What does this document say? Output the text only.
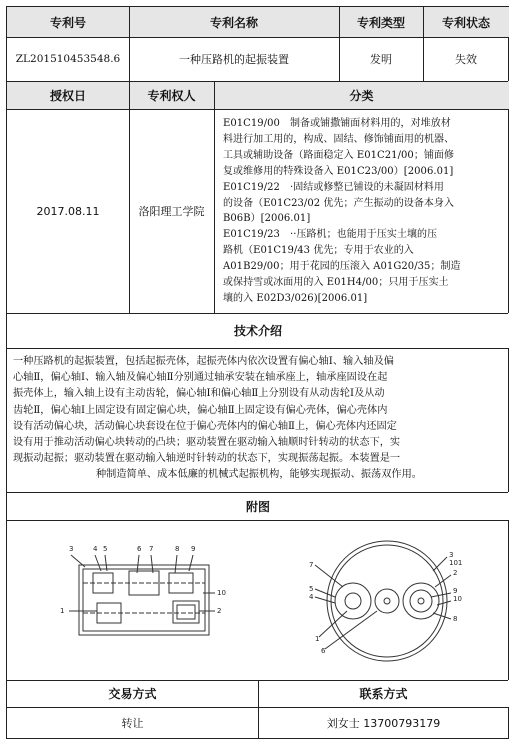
专利号	专利名称	专利类型	专利状态
ZL201510453548.6	一种压路机的起振装置	发明	失效
授权日	专利权人	分类
2017.08.11	洛阳理工学院
E01C19/00　制备或铺撒铺面材料用的，对堆放材
料进行加工用的，构成、固结、修饰铺面用的机器、
工具或辅助设备（路面稳定入 E01C21/00；铺面修
复或维修用的特殊设备入 E01C23/00）[2006.01]
E01C19/22　·固结或修整已铺设的未凝固材料用
的设备（E01C23/02 优先；产生振动的设备本身入
B06B）[2006.01]
E01C19/23　··压路机；也能用于压实土壤的压
路机（E01C19/43 优先；专用于农业的入
A01B29/00；用于花园的压滚入 A01G20/35；制造
或保持雪或冰面用的入 E01H4/00；只用于压实土
壤的入 E02D3/026)[2006.01]
技术介绍
一种压路机的起振装置，包括起振壳体，起振壳体内依次设置有偏心轴Ⅰ、输入轴及偏
心轴Ⅱ，偏心轴Ⅰ、输入轴及偏心轴Ⅱ分别通过轴承安装在轴承座上，轴承座固设在起
振壳体上，输入轴上设有主动齿轮，偏心轴Ⅰ和偏心轴Ⅱ上分别设有从动齿轮Ⅰ及从动
齿轮Ⅱ，偏心轴Ⅰ上固定设有固定偏心块，偏心轴Ⅱ上固定设有偏心壳体，偏心壳体内
设有活动偏心块，活动偏心块套设在位于偏心壳体内的偏心轴Ⅱ上，偏心壳体内还固定
设有用于推动活动偏心块转动的凸块；驱动装置在驱动输入轴顺时针转动的状态下，实
现振动起振；驱动装置在驱动输入轴逆时针转动的状态下，实现振荡起振。本装置是一
种制造简单、成本低廉的机械式起振机构，能够实现振动、振荡双作用。
附图
3	4 5	6 7	8 9
10
1	2
7
5
4
1
6
3
101
2
9
10
8
交易方式	联系方式
转让	刘女士 13700793179
